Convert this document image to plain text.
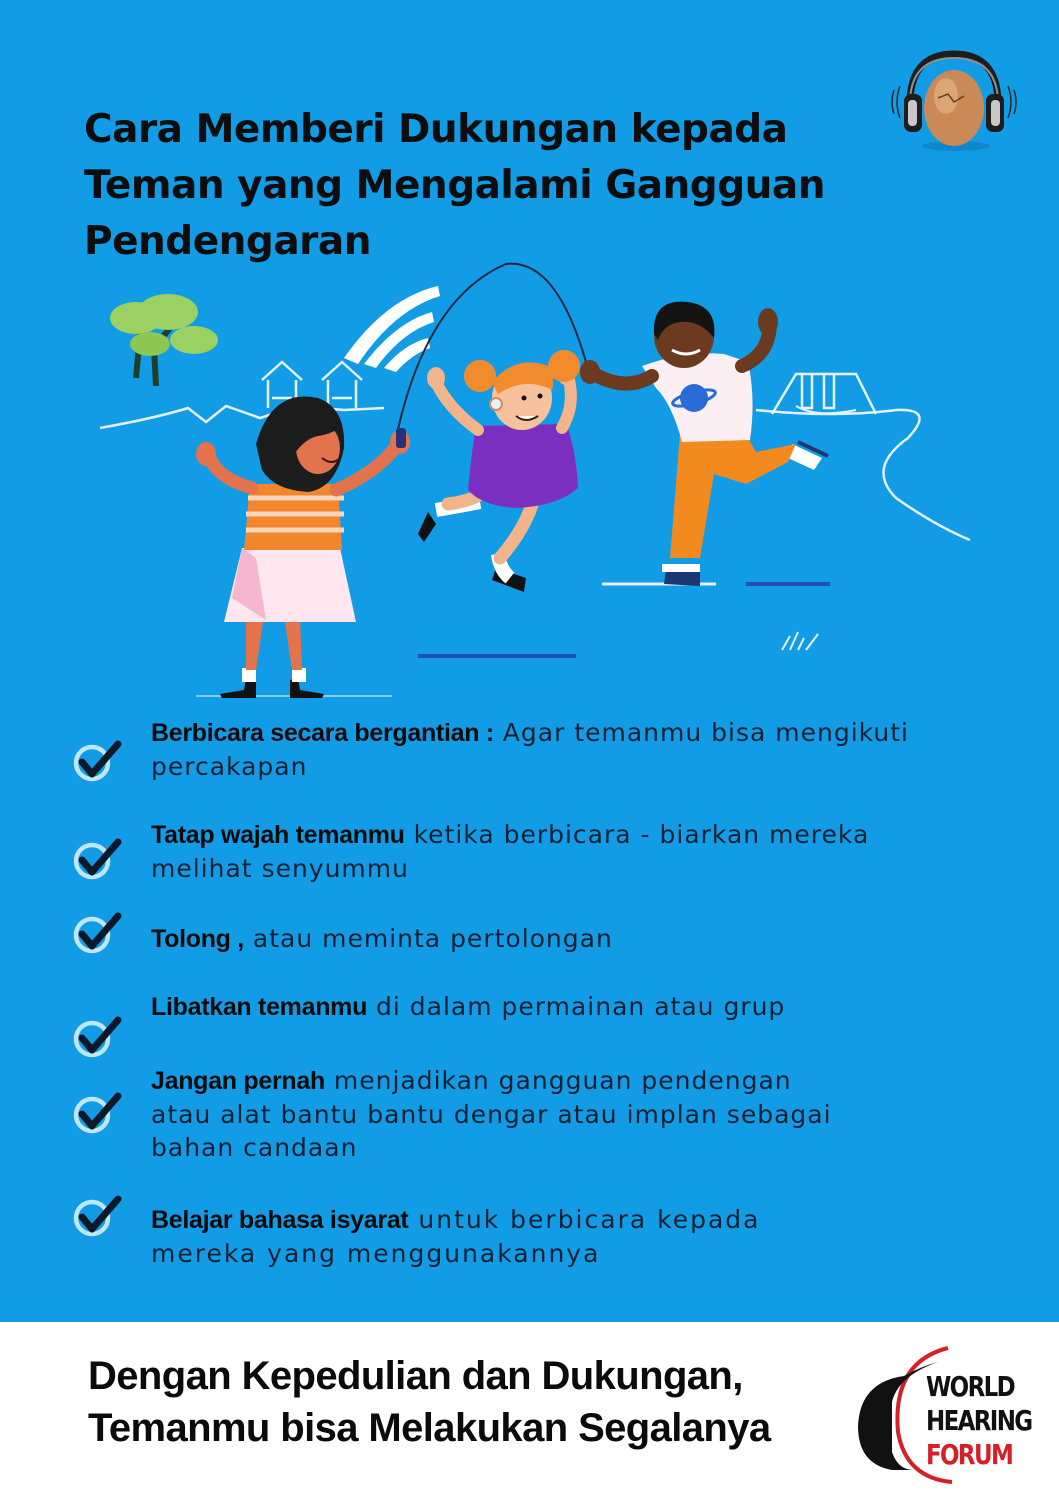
Cara Memberi Dukungan kepada
Teman yang Mengalami Gangguan
Pendengaran
Berbicara secara bergantian : Agar temanmu bisa mengikuti percakapan
Tatap wajah temanmu ketika berbicara - biarkan mereka melihat senyummu
Tolong , atau meminta pertolongan
Libatkan temanmu di dalam permainan atau grup
Jangan pernah menjadikan gangguan pendengan atau alat bantu bantu dengar atau implan sebagai bahan candaan
Belajar bahasa isyarat untuk berbicara kepada mereka yang menggunakannya
Dengan Kepedulian dan Dukungan,
Temanmu bisa Melakukan Segalanya
WORLD
HEARING
FORUM
